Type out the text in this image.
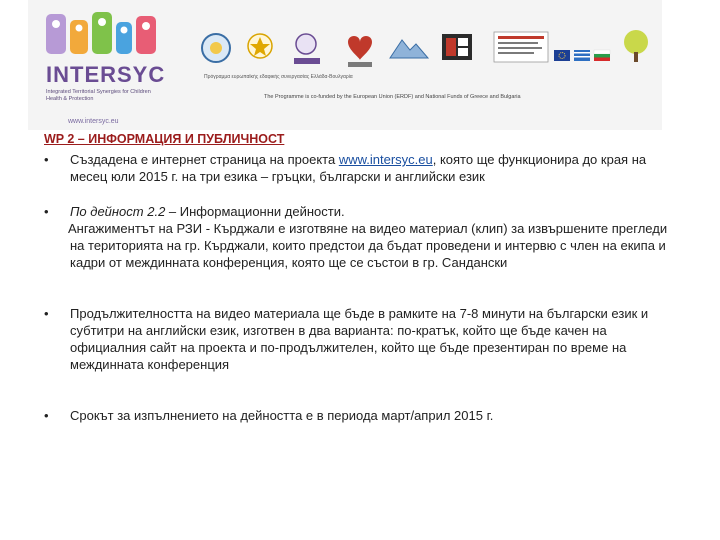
INTERSYC
Integrated Territorial Synergies for Children Health & Protection
www.intersyc.eu
Πρόγραμμα ευρωπαϊκής εδαφικής συνεργασίας Ελλάδα-Βουλγαρία
The Programme is co-funded by the European Union (ERDF) and National Funds of Greece and Bulgaria
WP 2 – ИНФОРМАЦИЯ И ПУБЛИЧНОСТ
• Създадена е интернет страница на проекта www.intersyc.eu, която ще функционира до края на месец юли 2015 г. на три езика – гръцки, български и английски език
• По дейност 2.2 – Информационни дейности.
Ангажиментът на РЗИ - Кърджали е изготвяне на видео материал (клип) за извършените прегледи на територията на гр. Кърджали, които предстои да бъдат проведени и интервю с член на екипа и кадри от междинната конференция, която ще се състои в гр. Сандански
• Продължителността на видео материала ще бъде в рамките на 7-8 минути на български език и субтитри на английски език, изготвен в два варианта: по-кратък, който ще бъде качен на официалния сайт на проекта и по-продължителен, който ще бъде презентиран по време на междинната конференция
• Срокът за изпълнението на дейността е в периода март/април 2015 г.
